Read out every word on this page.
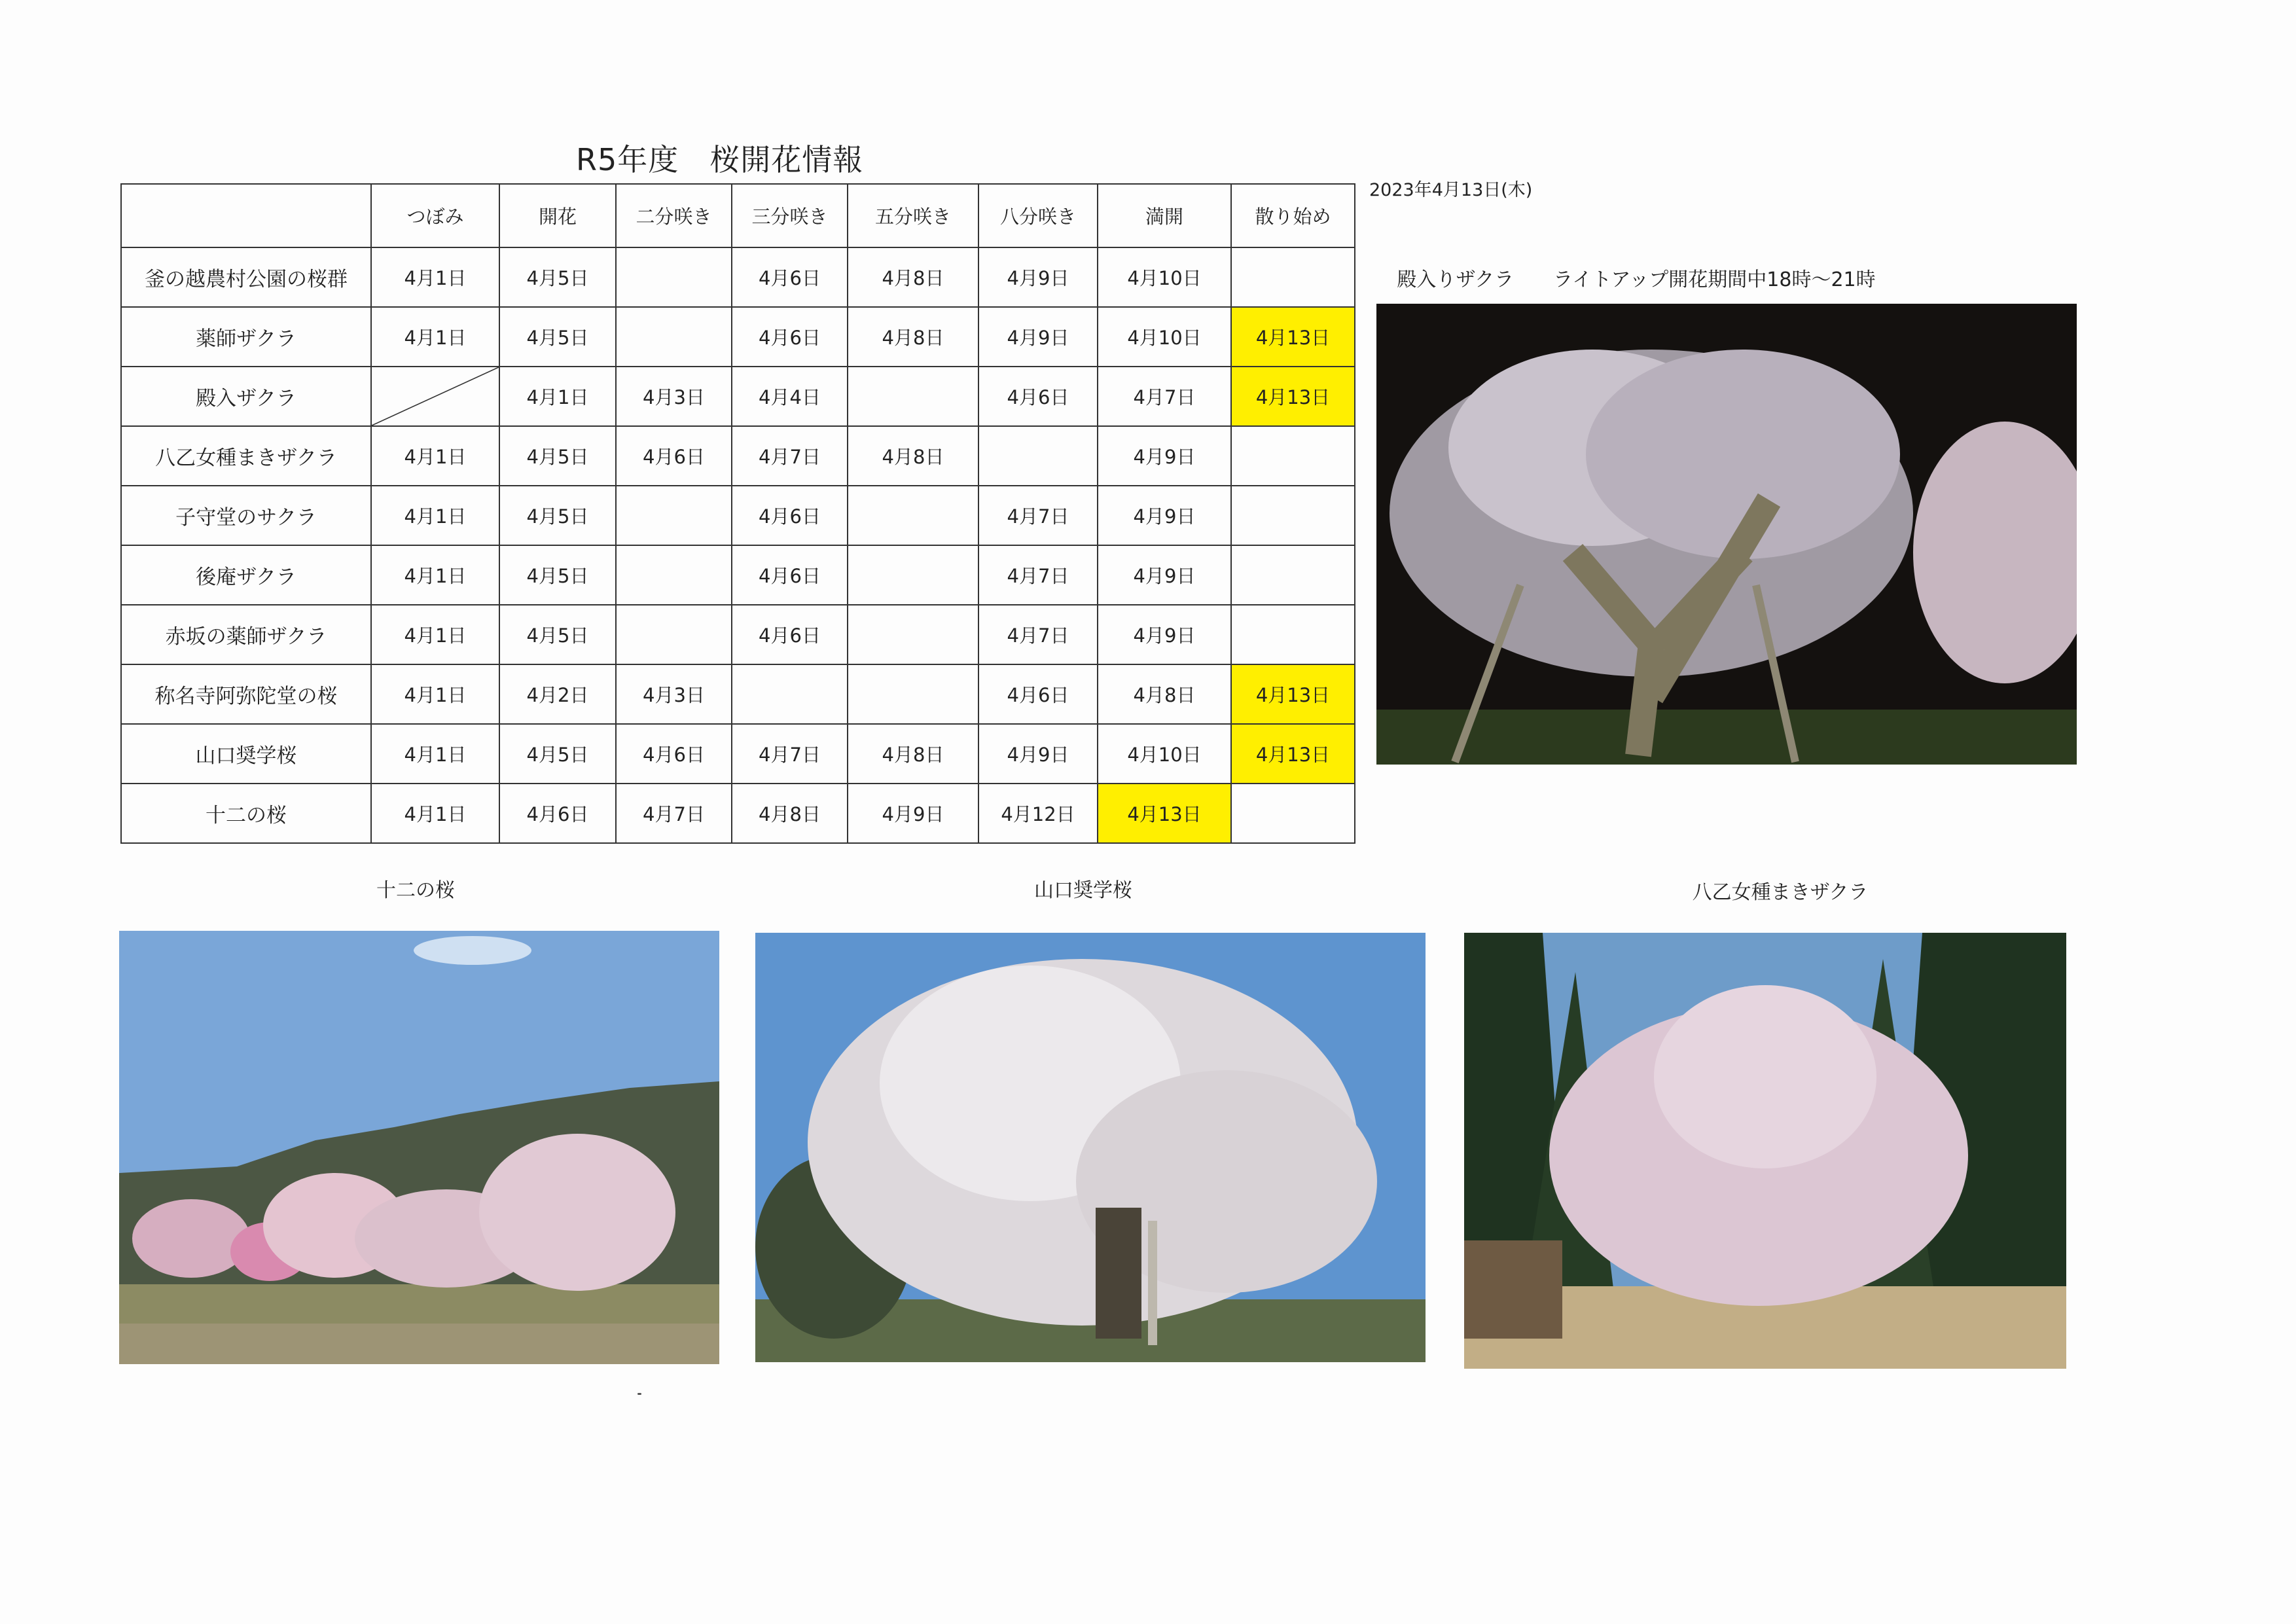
R5年度　桜開花情報
2023年4月13日(木)
	つぼみ	開花	二分咲き	三分咲き	五分咲き	八分咲き	満開	散り始め
釜の越農村公園の桜群	4月1日	4月5日		4月6日	4月8日	4月9日	4月10日	
薬師ザクラ	4月1日	4月5日		4月6日	4月8日	4月9日	4月10日	4月13日
殿入ザクラ		4月1日	4月3日	4月4日		4月6日	4月7日	4月13日
八乙女種まきザクラ	4月1日	4月5日	4月6日	4月7日	4月8日		4月9日	
子守堂のサクラ	4月1日	4月5日		4月6日		4月7日	4月9日	
後庵ザクラ	4月1日	4月5日		4月6日		4月7日	4月9日	
赤坂の薬師ザクラ	4月1日	4月5日		4月6日		4月7日	4月9日	
称名寺阿弥陀堂の桜	4月1日	4月2日	4月3日			4月6日	4月8日	4月13日
山口奨学桜	4月1日	4月5日	4月6日	4月7日	4月8日	4月9日	4月10日	4月13日
十二の桜	4月1日	4月6日	4月7日	4月8日	4月9日	4月12日	4月13日	
殿入りザクラ　　ライトアップ開花期間中18時～21時
十二の桜	山口奨学桜	八乙女種まきザクラ
